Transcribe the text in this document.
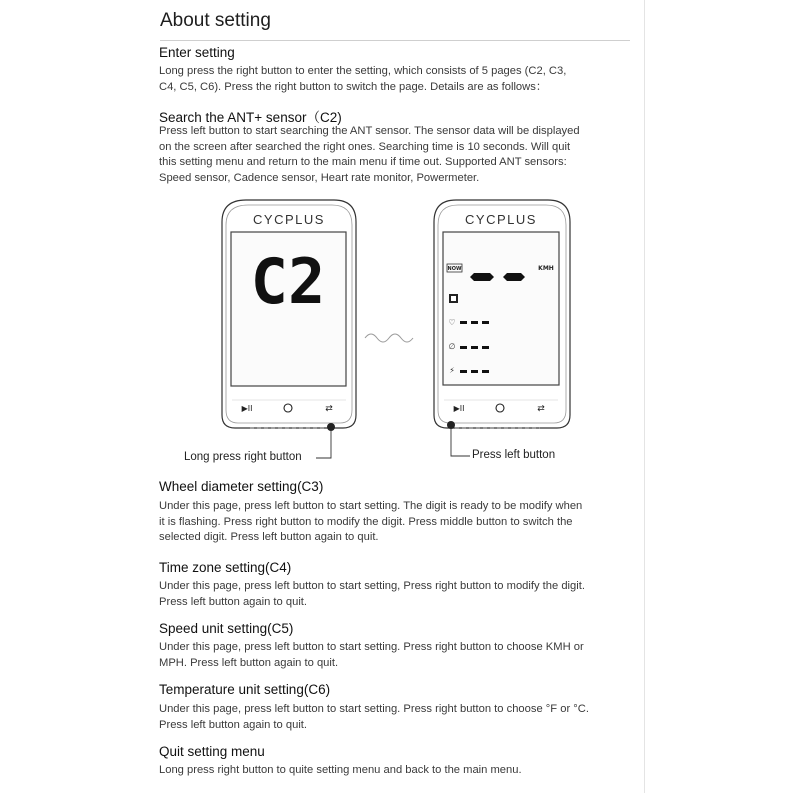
About setting
Enter setting
Long press the right button to enter the setting, which consists of 5 pages (C2, C3,
C4, C5, C6). Press the right button to switch the page. Details are as follows：
Search the ANT+ sensor（C2)
Press left button to start searching the ANT sensor. The sensor data will be displayed
on the screen after searched the right ones. Searching time is 10 seconds. Will quit
this setting menu and return to the main menu if time out. Supported ANT sensors:
Speed sensor, Cadence sensor, Heart rate monitor, Powermeter.
CYCPLUS
C2
▶II	⇄
CYCPLUS
NOW	KMH
♡
∅
⚡
▶II	⇄
Long press right button	Press left button
Wheel diameter setting(C3)
Under this page, press left button to start setting. The digit is ready to be modify when
it is flashing. Press right button to modify the digit. Press middle button to switch the
selected digit. Press left button again to quit.
Time zone setting(C4)
Under this page, press left button to start setting, Press right button to modify the digit.
Press left button again to quit.
Speed unit setting(C5)
Under this page, press left button to start setting. Press right button to choose KMH or
MPH. Press left button again to quit.
Temperature unit setting(C6)
Under this page, press left button to start setting. Press right button to choose °F or °C.
Press left button again to quit.
Quit setting menu
Long press right button to quite setting menu and back to the main menu.
